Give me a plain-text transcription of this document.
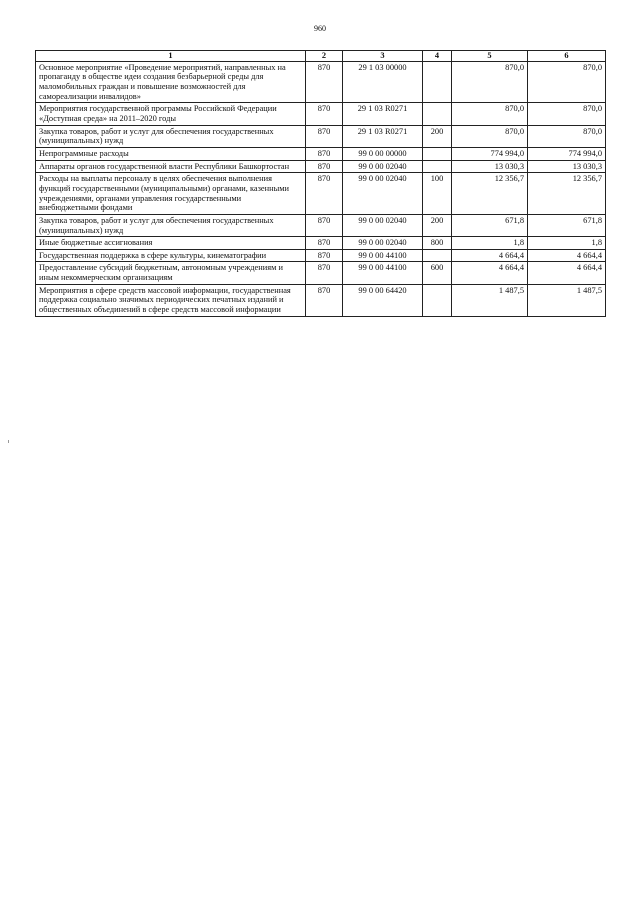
960
1	2	3	4	5	6
Основное мероприятие «Проведение мероприятий, направленных на пропаганду в обществе идеи создания безбарьерной среды для маломобильных граждан и повышение возможностей для самореализации инвалидов»	870	29 1 03 00000		870,0	870,0
Мероприятия государственной программы Российской Федерации «Доступная среда» на 2011–2020 годы	870	29 1 03 R0271		870,0	870,0
Закупка товаров, работ и услуг для обеспечения государственных (муниципальных) нужд	870	29 1 03 R0271	200	870,0	870,0
Непрограммные расходы	870	99 0 00 00000		774 994,0	774 994,0
Аппараты органов государственной власти Республики Башкортостан	870	99 0 00 02040		13 030,3	13 030,3
Расходы на выплаты персоналу в целях обеспечения выполнения функций государственными (муниципальными) органами, казенными учреждениями, органами управления государственными внебюджетными фондами	870	99 0 00 02040	100	12 356,7	12 356,7
Закупка товаров, работ и услуг для обеспечения государственных (муниципальных) нужд	870	99 0 00 02040	200	671,8	671,8
Иные бюджетные ассигнования	870	99 0 00 02040	800	1,8	1,8
Государственная поддержка в сфере культуры, кинематографии	870	99 0 00 44100		4 664,4	4 664,4
Предоставление субсидий бюджетным, автономным учреждениям и иным некоммерческим организациям	870	99 0 00 44100	600	4 664,4	4 664,4
Мероприятия в сфере средств массовой информации, государственная поддержка социально значимых периодических печатных изданий и общественных объединений в сфере средств массовой информации	870	99 0 00 64420		1 487,5	1 487,5
